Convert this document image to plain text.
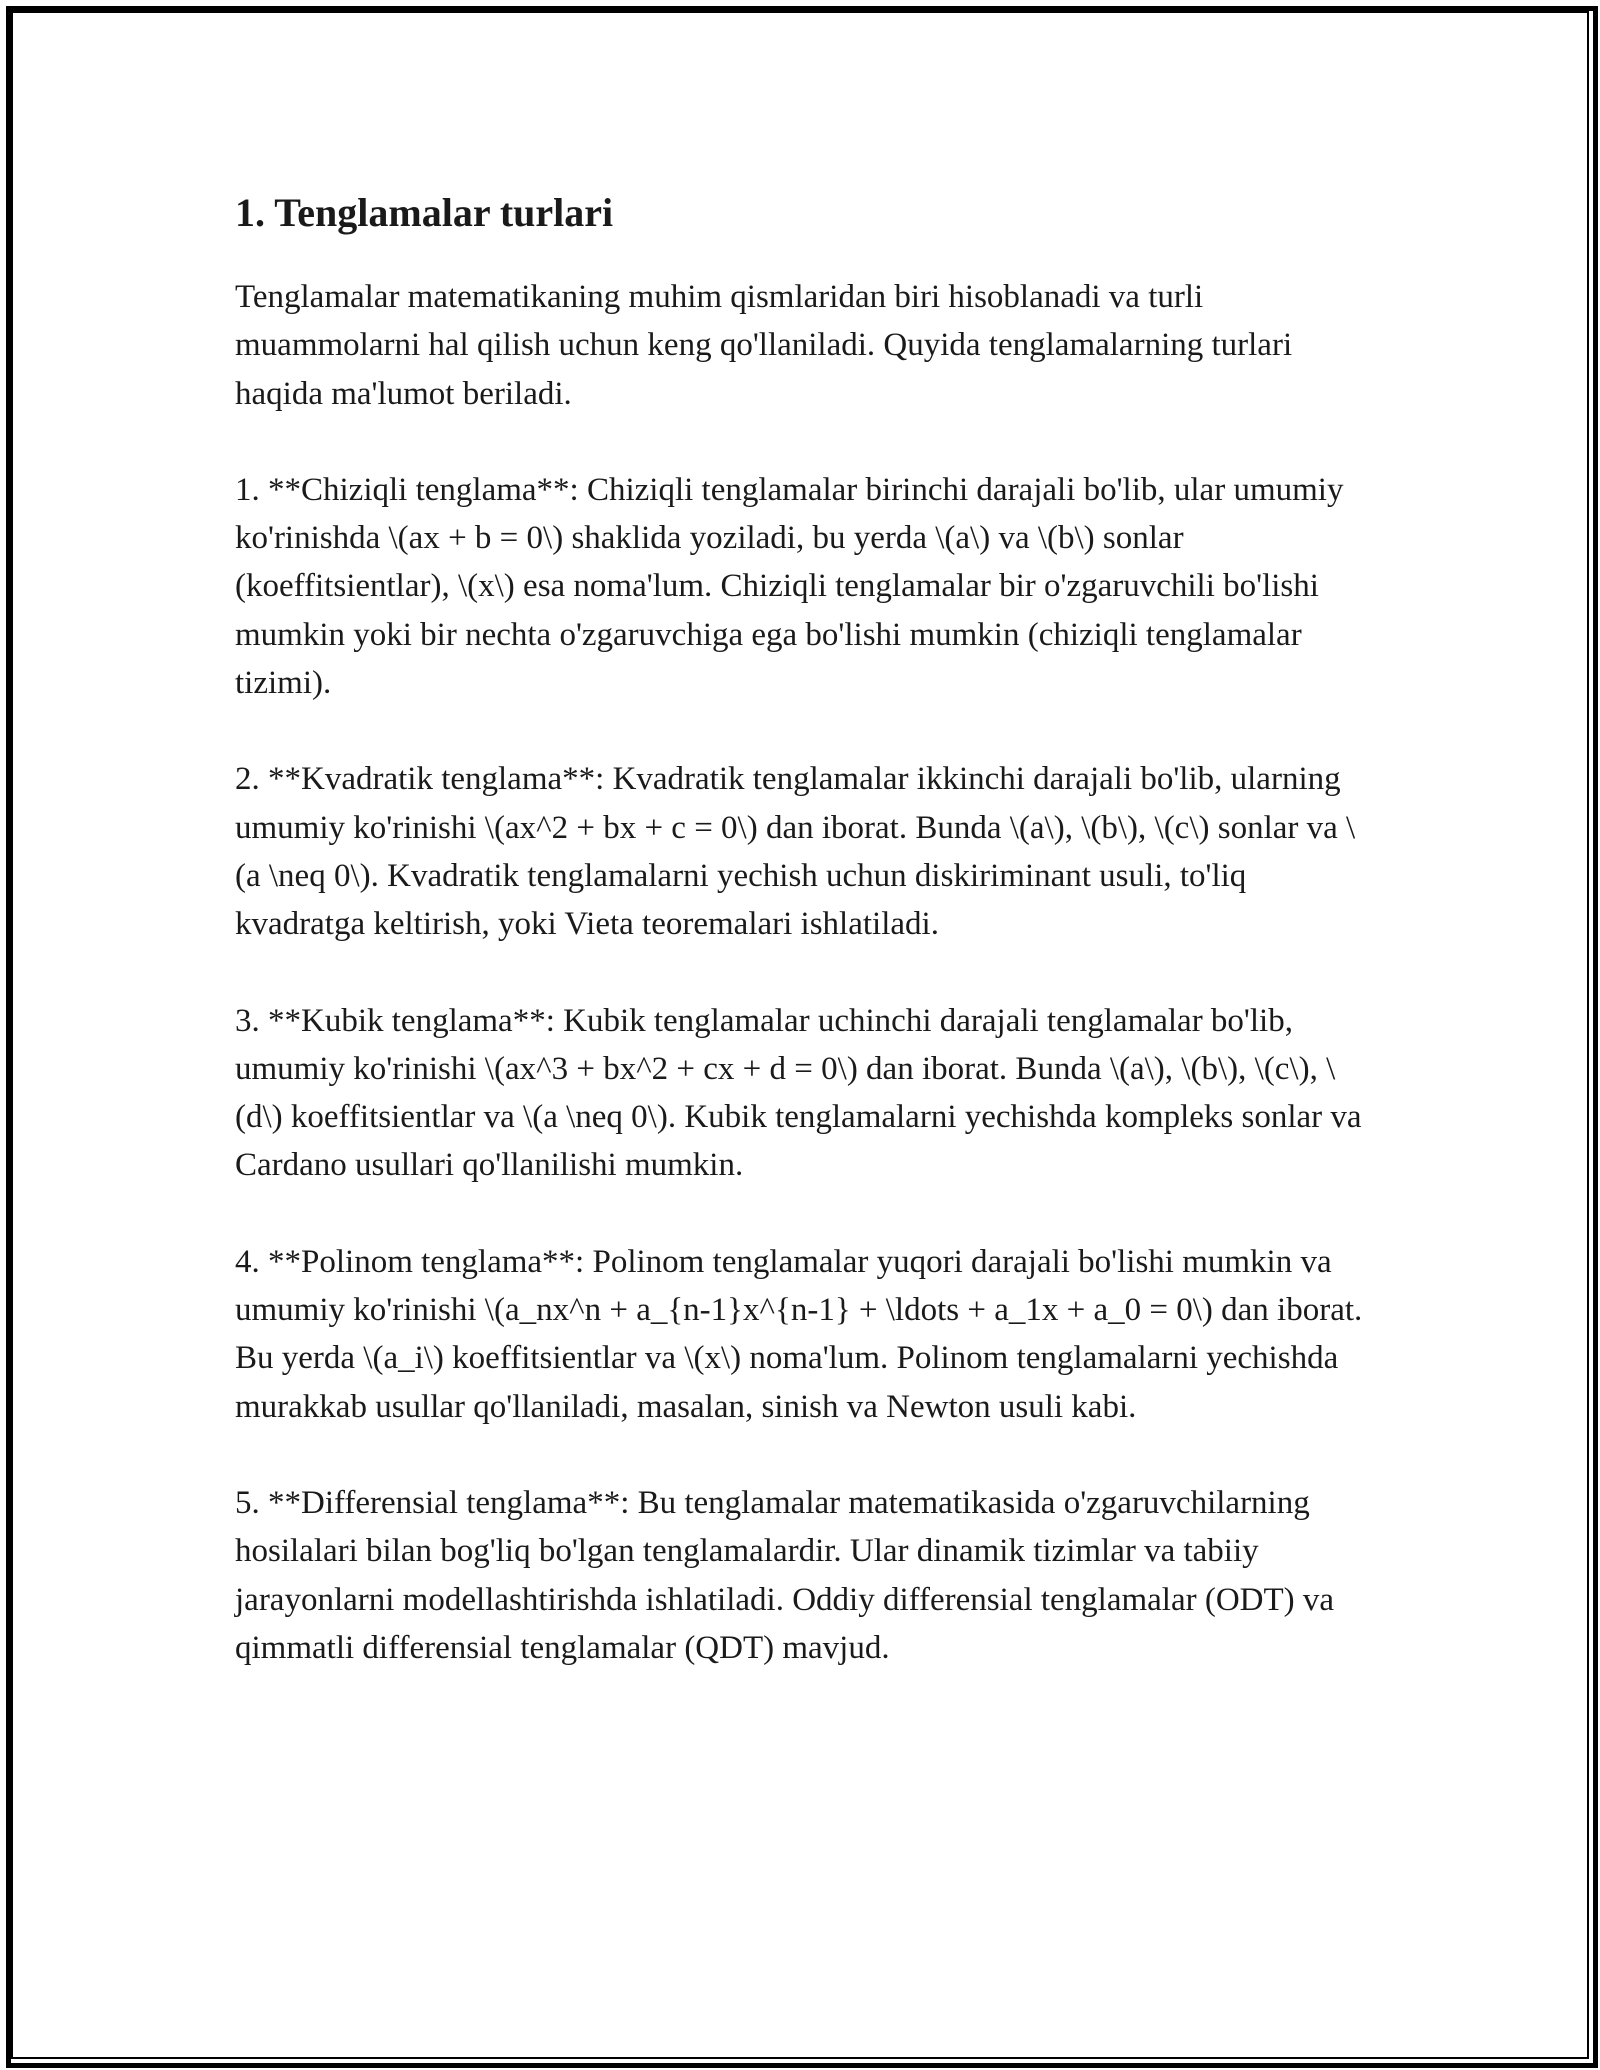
1. Tenglamalar turlari

Tenglamalar matematikaning muhim qismlaridan biri hisoblanadi va turli muammolarni hal qilish uchun keng qo'llaniladi. Quyida tenglamalarning turlari haqida ma'lumot beriladi.

1. **Chiziqli tenglama**: Chiziqli tenglamalar birinchi darajali bo'lib, ular umumiy ko'rinishda \(ax + b = 0\) shaklida yoziladi, bu yerda \(a\) va \(b\) sonlar (koeffitsientlar), \(x\) esa noma'lum. Chiziqli tenglamalar bir o'zgaruvchili bo'lishi mumkin yoki bir nechta o'zgaruvchiga ega bo'lishi mumkin (chiziqli tenglamalar tizimi).

2. **Kvadratik tenglama**: Kvadratik tenglamalar ikkinchi darajali bo'lib, ularning umumiy ko'rinishi \(ax^2 + bx + c = 0\) dan iborat. Bunda \(a\), \(b\), \(c\) sonlar va \(a \neq 0\). Kvadratik tenglamalarni yechish uchun diskiriminant usuli, to'liq kvadratga keltirish, yoki Vieta teoremalari ishlatiladi.

3. **Kubik tenglama**: Kubik tenglamalar uchinchi darajali tenglamalar bo'lib, umumiy ko'rinishi \(ax^3 + bx^2 + cx + d = 0\) dan iborat. Bunda \(a\), \(b\), \(c\), \(d\) koeffitsientlar va \(a \neq 0\). Kubik tenglamalarni yechishda kompleks sonlar va Cardano usullari qo'llanilishi mumkin.

4. **Polinom tenglama**: Polinom tenglamalar yuqori darajali bo'lishi mumkin va umumiy ko'rinishi \(a_nx^n + a_{n-1}x^{n-1} + \ldots + a_1x + a_0 = 0\) dan iborat. Bu yerda \(a_i\) koeffitsientlar va \(x\) noma'lum. Polinom tenglamalarni yechishda murakkab usullar qo'llaniladi, masalan, sinish va Newton usuli kabi.

5. **Differensial tenglama**: Bu tenglamalar matematikasida o'zgaruvchilarning hosilalari bilan bog'liq bo'lgan tenglamalardir. Ular dinamik tizimlar va tabiiy jarayonlarni modellashtirishda ishlatiladi. Oddiy differensial tenglamalar (ODT) va qimmatli differensial tenglamalar (QDT) mavjud.
